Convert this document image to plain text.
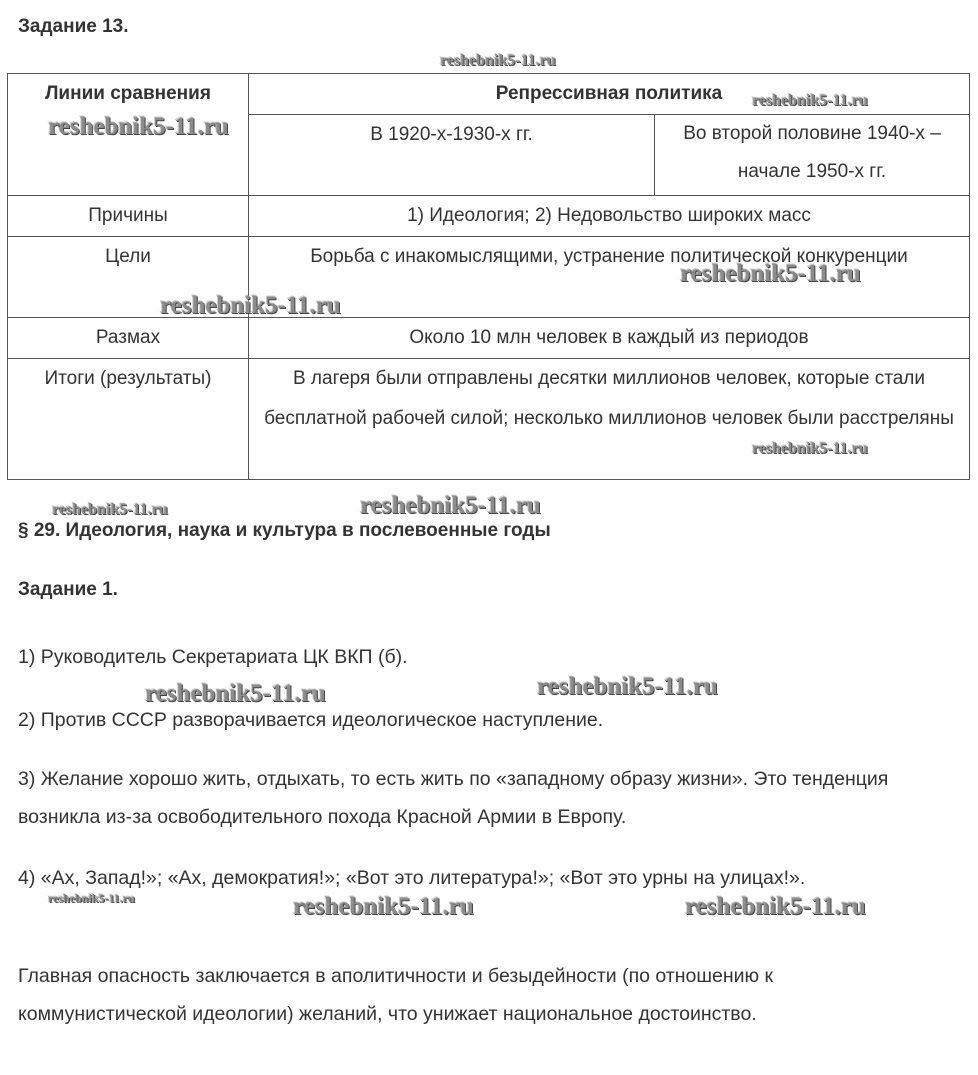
Задание 13.
Линии сравнения	Репрессивная политика	
	В 1920-х-1930-х гг.	Во второй половине 1940-х – начале 1950-х гг.
Причины	1) Идеология; 2) Недовольство широких масс	
Цели	Борьба с инакомыслящими, устранение политической конкуренции	
Размах	Около 10 млн человек в каждый из периодов	
Итоги (результаты)	В лагеря были отправлены десятки миллионов человек, которые стали бесплатной рабочей силой; несколько миллионов человек были расстреляны	
§ 29. Идеология, наука и культура в послевоенные годы
Задание 1.
1) Руководитель Секретариата ЦК ВКП (б).
2) Против СССР разворачивается идеологическое наступление.
3) Желание хорошо жить, отдыхать, то есть жить по «западному образу жизни». Это тенденция возникла из-за освободительного похода Красной Армии в Европу.
4) «Ах, Запад!»; «Ах, демократия!»; «Вот это литература!»; «Вот это урны на улицах!».
Главная опасность заключается в аполитичности и безыдейности (по отношению к коммунистической идеологии) желаний, что унижает национальное достоинство.
reshebnik5-11.ru
reshebnik5-11.ru
reshebnik5-11.ru
reshebnik5-11.ru
reshebnik5-11.ru
reshebnik5-11.ru
reshebnik5-11.ru	reshebnik5-11.ru
reshebnik5-11.ru	reshebnik5-11.ru
reshebnik5-11.ru	reshebnik5-11.ru	reshebnik5-11.ru
